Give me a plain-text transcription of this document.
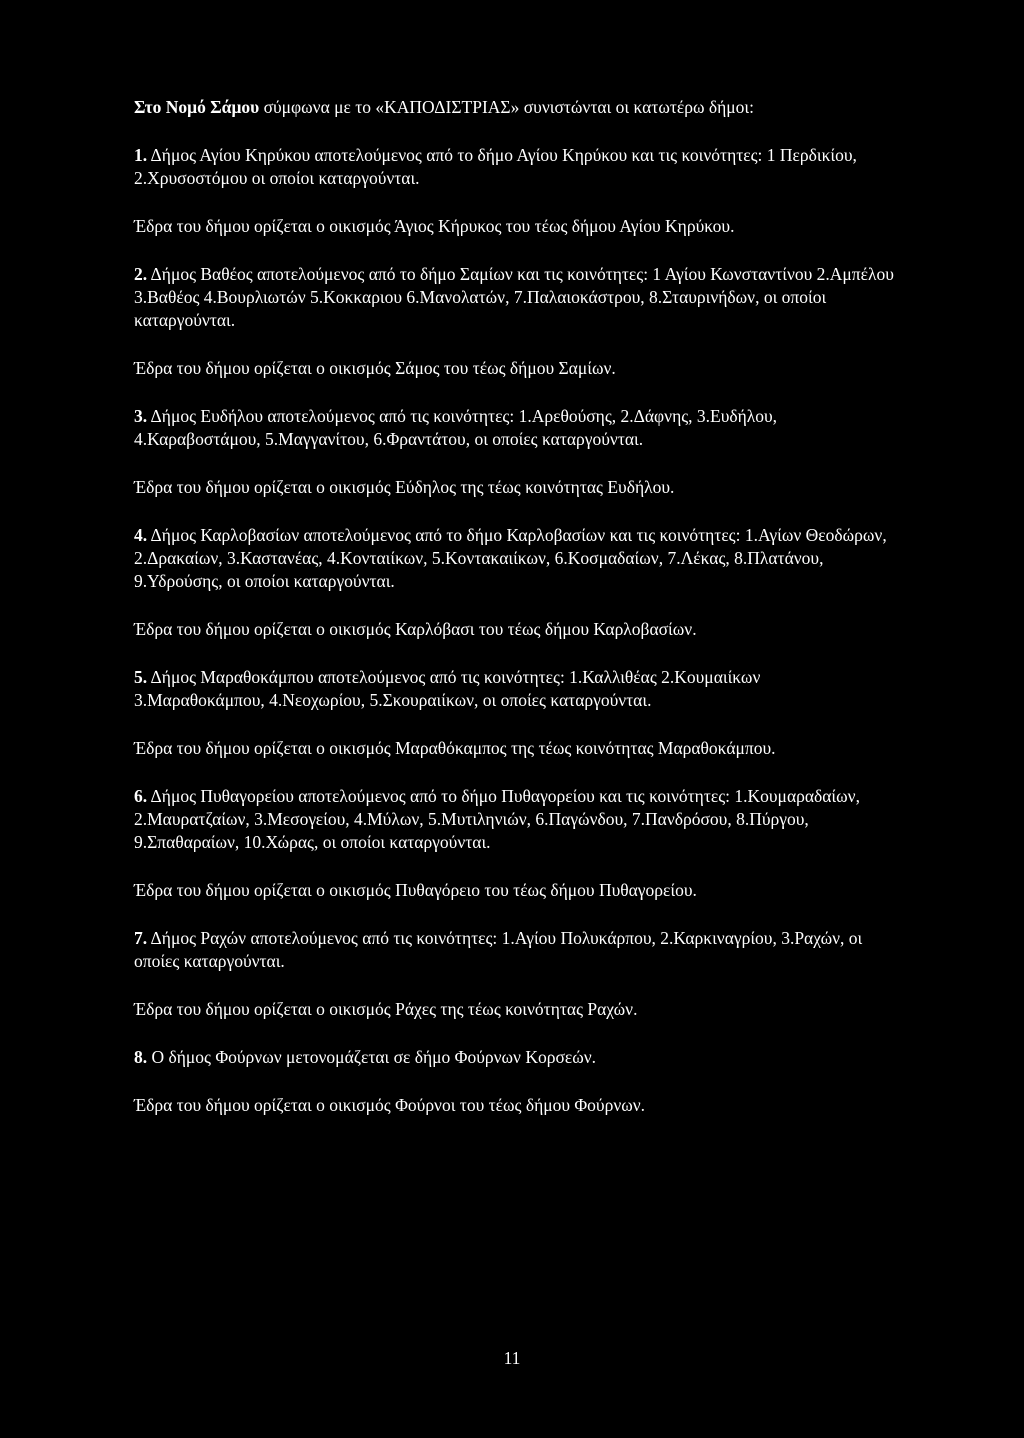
Στο Νομό Σάμου σύμφωνα με το «ΚΑΠΟΔΙΣΤΡΙΑΣ» συνιστώνται οι κατωτέρω δήμοι:

1. Δήμος Αγίου Κηρύκου αποτελούμενος από το δήμο Αγίου Κηρύκου και τις κοινότητες: 1 Περδικίου, 2.Χρυσοστόμου οι οποίοι καταργούνται.

Έδρα του δήμου ορίζεται ο οικισμός Άγιος Κήρυκος του τέως δήμου Αγίου Κηρύκου.

2. Δήμος Βαθέος αποτελούμενος από το δήμο Σαμίων και τις κοινότητες: 1 Αγίου Κωνσταντίνου 2.Αμπέλου 3.Βαθέος 4.Βουρλιωτών 5.Κοκκαριου 6.Μανολατών, 7.Παλαιοκάστρου, 8.Σταυρινήδων, οι οποίοι καταργούνται.

Έδρα του δήμου ορίζεται ο οικισμός Σάμος του τέως δήμου Σαμίων.

3. Δήμος Ευδήλου αποτελούμενος από τις κοινότητες: 1.Αρεθούσης, 2.Δάφνης, 3.Ευδήλου, 4.Καραβοστάμου, 5.Μαγγανίτου, 6.Φραντάτου, οι οποίες καταργούνται.

Έδρα του δήμου ορίζεται ο οικισμός Εύδηλος της τέως κοινότητας Ευδήλου.

4. Δήμος Καρλοβασίων αποτελούμενος από το δήμο Καρλοβασίων και τις κοινότητες: 1.Αγίων Θεοδώρων, 2.Δρακαίων, 3.Καστανέας, 4.Κονταιίκων, 5.Κοντακαιίκων, 6.Κοσμαδαίων, 7.Λέκας, 8.Πλατάνου, 9.Υδρούσης, οι οποίοι καταργούνται.

Έδρα του δήμου ορίζεται ο οικισμός Καρλόβασι του τέως δήμου Καρλοβασίων.

5. Δήμος Μαραθοκάμπου αποτελούμενος από τις κοινότητες: 1.Καλλιθέας 2.Κουμαιίκων 3.Μαραθοκάμπου, 4.Νεοχωρίου, 5.Σκουραιίκων, οι οποίες καταργούνται.

Έδρα του δήμου ορίζεται ο οικισμός Μαραθόκαμπος της τέως κοινότητας Μαραθοκάμπου.

6. Δήμος Πυθαγορείου αποτελούμενος από το δήμο Πυθαγορείου και τις κοινότητες: 1.Κουμαραδαίων, 2.Μαυρατζαίων, 3.Μεσογείου, 4.Μύλων, 5.Μυτιληνιών, 6.Παγώνδου, 7.Πανδρόσου, 8.Πύργου, 9.Σπαθαραίων, 10.Χώρας, οι οποίοι καταργούνται.

Έδρα του δήμου ορίζεται ο οικισμός Πυθαγόρειο του τέως δήμου Πυθαγορείου.

7. Δήμος Ραχών αποτελούμενος από τις κοινότητες: 1.Αγίου Πολυκάρπου, 2.Καρκιναγρίου, 3.Ραχών, οι οποίες καταργούνται.

Έδρα του δήμου ορίζεται ο οικισμός Ράχες της τέως κοινότητας Ραχών.

8. Ο δήμος Φούρνων μετονομάζεται σε δήμο Φούρνων Κορσεών.

Έδρα του δήμου ορίζεται ο οικισμός Φούρνοι του τέως δήμου Φούρνων.

11
